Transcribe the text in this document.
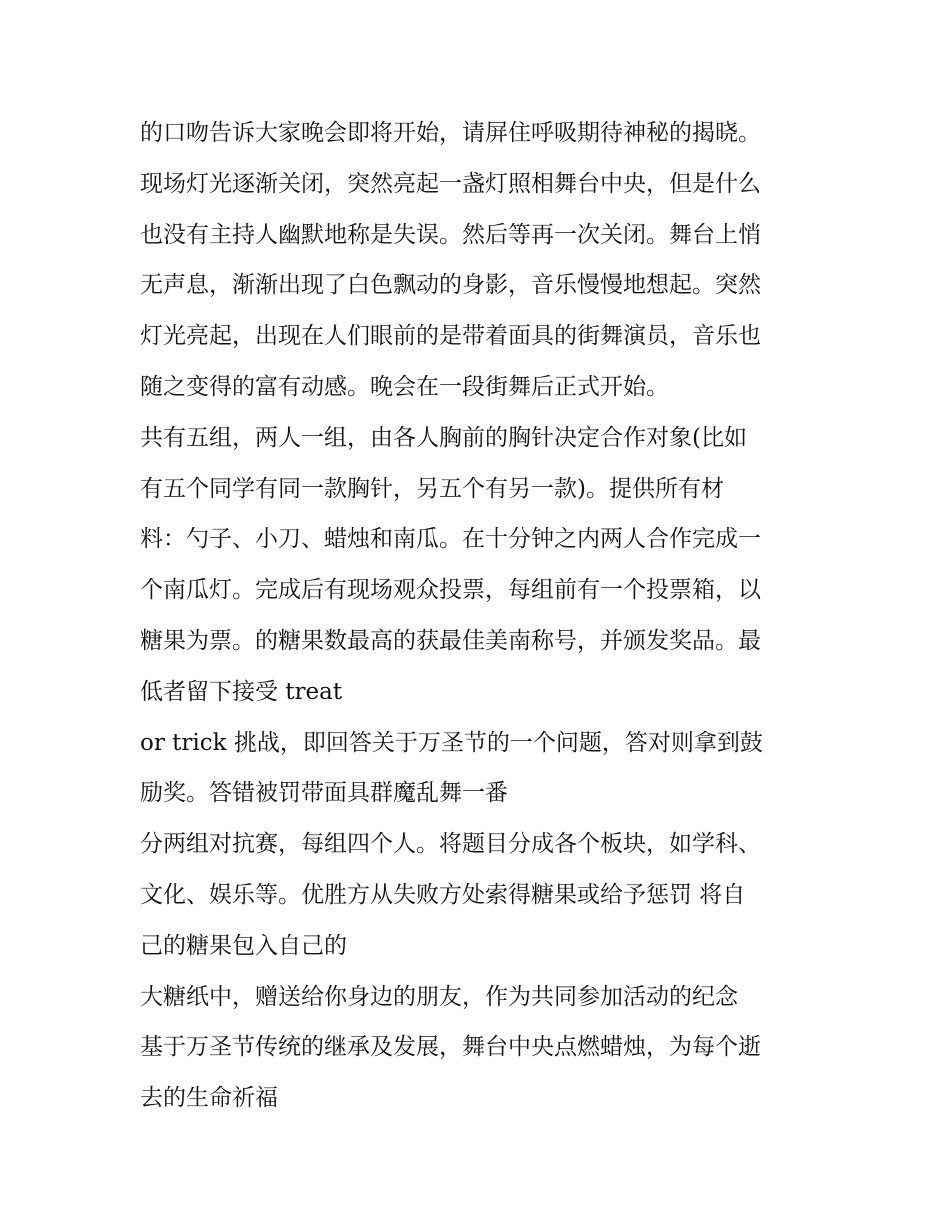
的口吻告诉大家晚会即将开始，请屏住呼吸期待神秘的揭晓。
现场灯光逐渐关闭，突然亮起一盏灯照相舞台中央，但是什么
也没有主持人幽默地称是失误。然后等再一次关闭。舞台上悄
无声息，渐渐出现了白色飘动的身影，音乐慢慢地想起。突然
灯光亮起，出现在人们眼前的是带着面具的街舞演员，音乐也
随之变得的富有动感。晚会在一段街舞后正式开始。
共有五组，两人一组，由各人胸前的胸针决定合作对象(比如
有五个同学有同一款胸针，另五个有另一款)。提供所有材
料：勺子、小刀、蜡烛和南瓜。在十分钟之内两人合作完成一
个南瓜灯。完成后有现场观众投票，每组前有一个投票箱，以
糖果为票。的糖果数最高的获最佳美南称号，并颁发奖品。最
低者留下接受 treat
or trick 挑战，即回答关于万圣节的一个问题，答对则拿到鼓
励奖。答错被罚带面具群魔乱舞一番
分两组对抗赛，每组四个人。将题目分成各个板块，如学科、
文化、娱乐等。优胜方从失败方处索得糖果或给予惩罚 将自
己的糖果包入自己的
大糖纸中，赠送给你身边的朋友，作为共同参加活动的纪念
基于万圣节传统的继承及发展，舞台中央点燃蜡烛，为每个逝
去的生命祈福
